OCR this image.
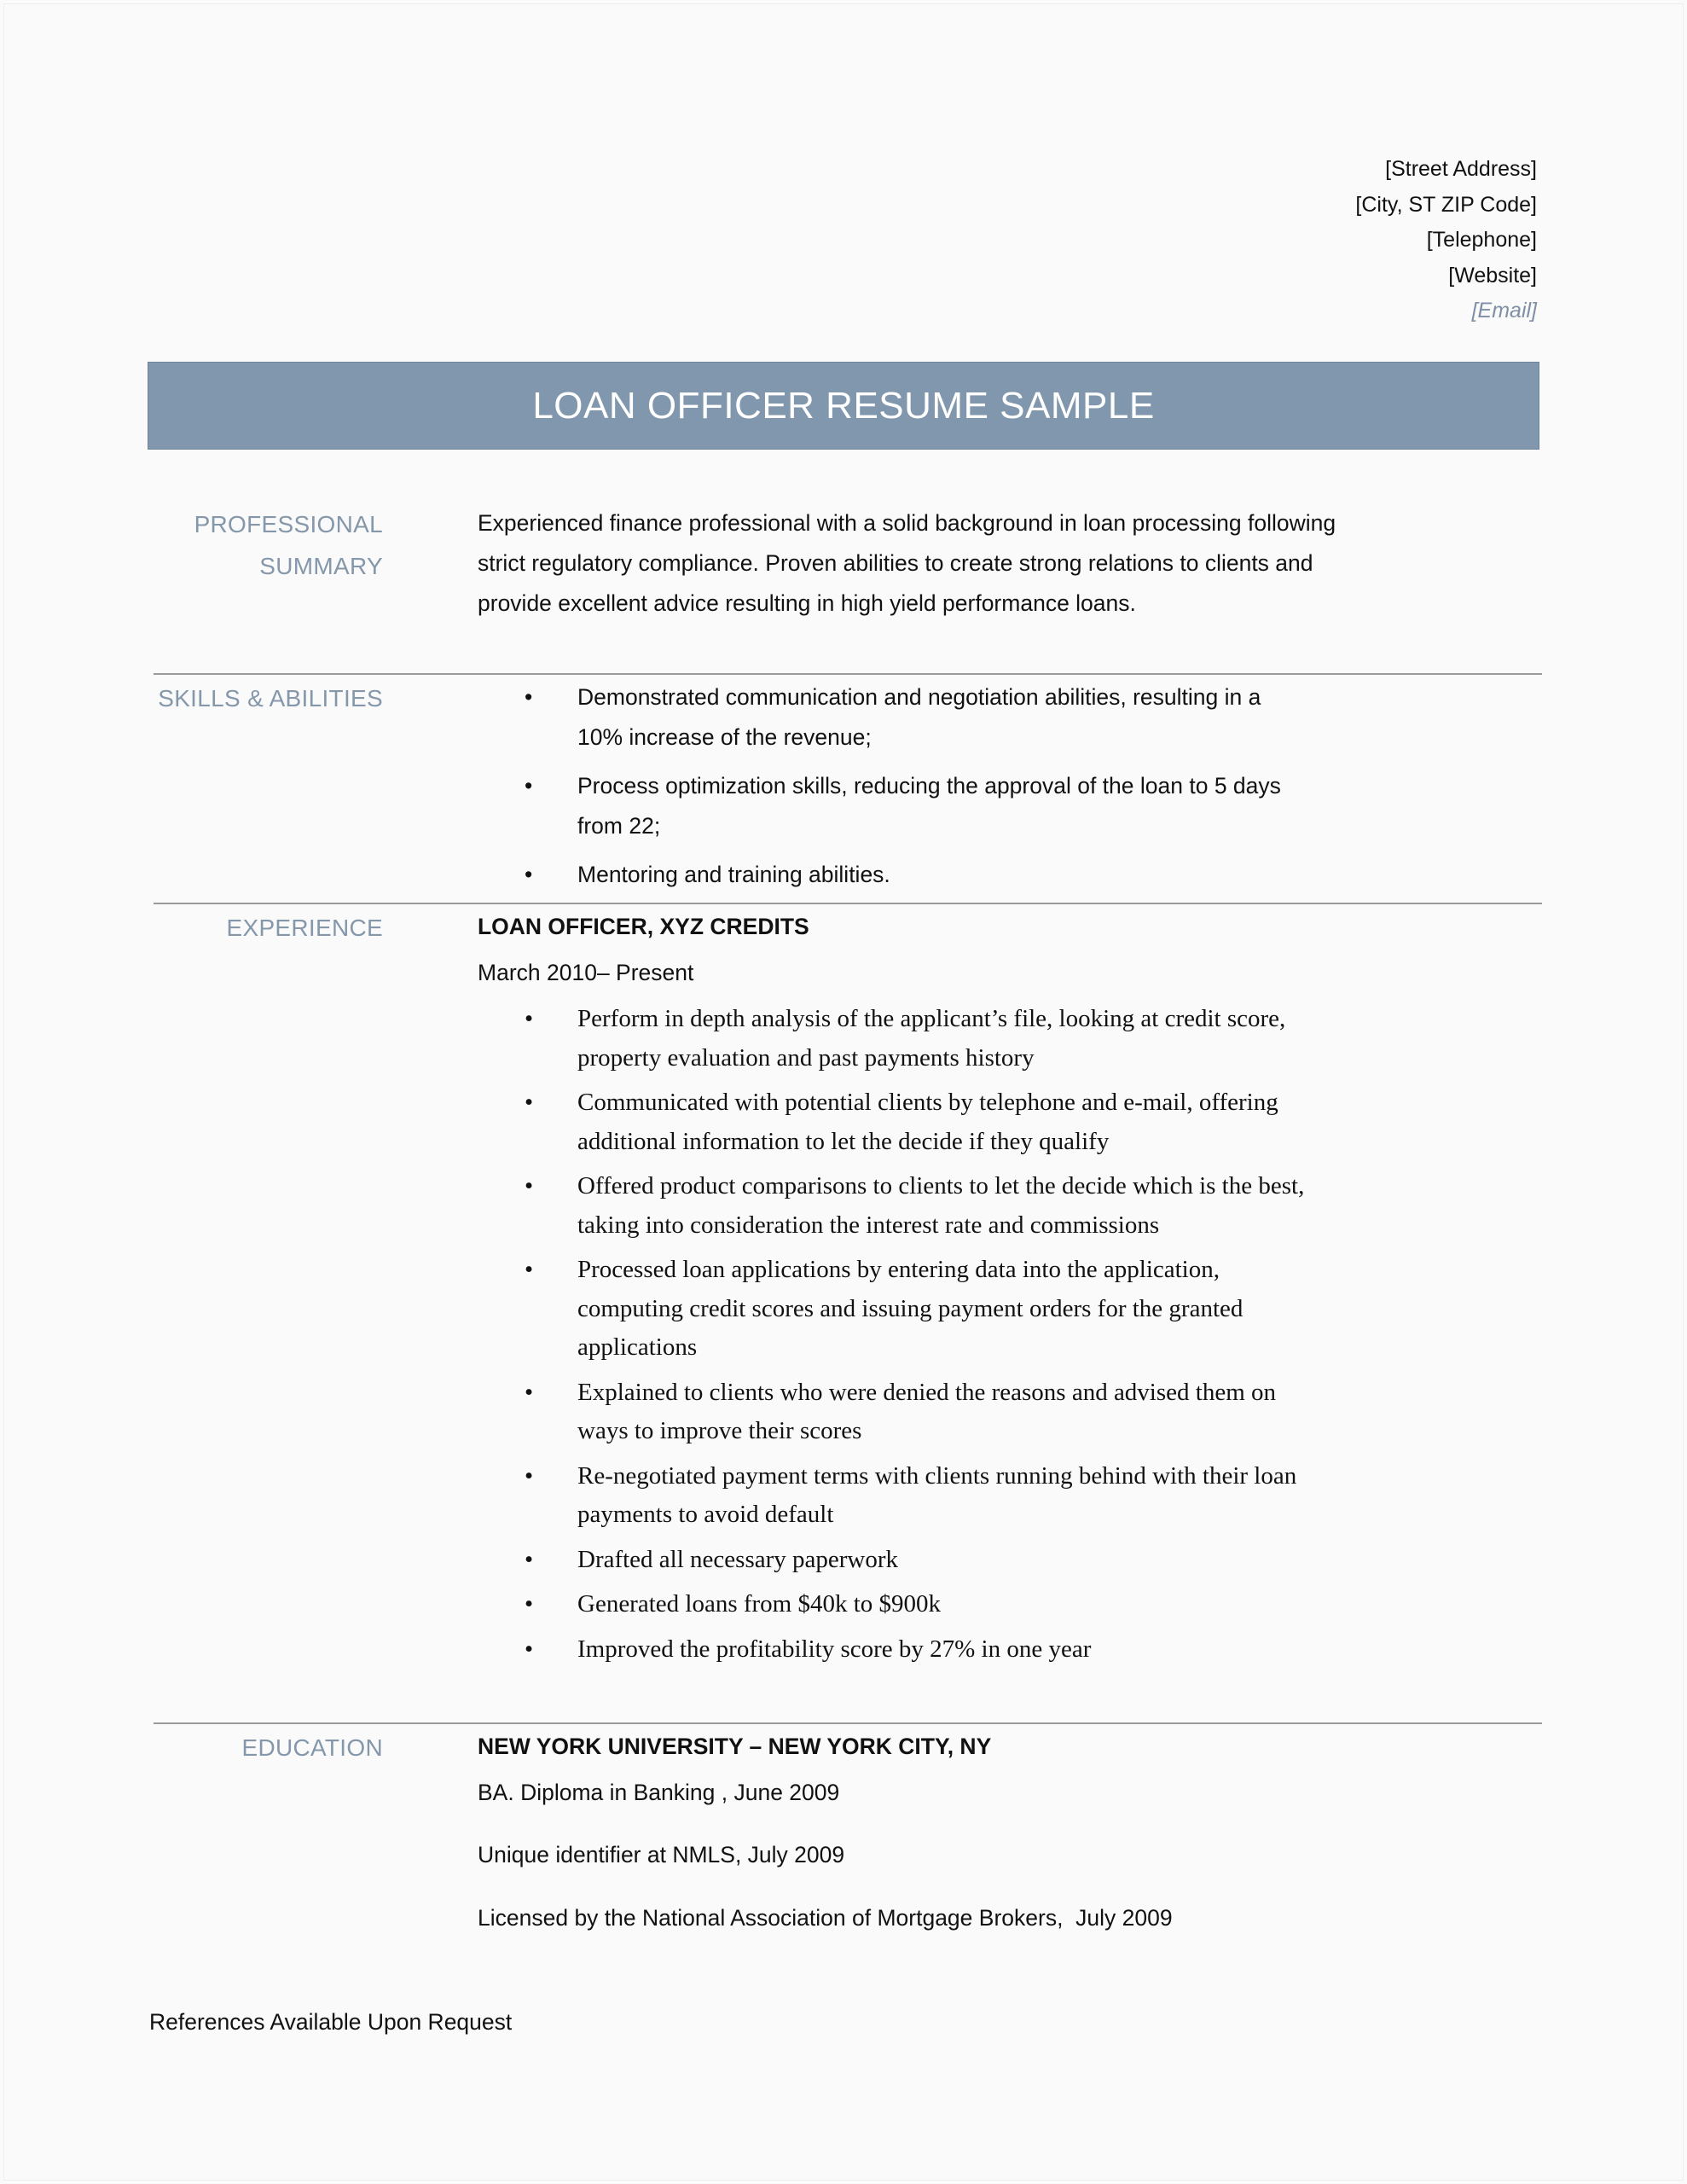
[Street Address]
[City, ST ZIP Code]
[Telephone]
[Website]
[Email]
LOAN OFFICER RESUME SAMPLE
PROFESSIONAL
SUMMARY
Experienced finance professional with a solid background in loan processing following strict regulatory compliance. Proven abilities to create strong relations to clients and provide excellent advice resulting in high yield performance loans.
SKILLS & ABILITIES	• Demonstrated communication and negotiation abilities, resulting in a 10% increase of the revenue;
• Process optimization skills, reducing the approval of the loan to 5 days from 22;
• Mentoring and training abilities.
EXPERIENCE	LOAN OFFICER, XYZ CREDITS
March 2010– Present
• Perform in depth analysis of the applicant’s file, looking at credit score, property evaluation and past payments history
• Communicated with potential clients by telephone and e-mail, offering additional information to let the decide if they qualify
• Offered product comparisons to clients to let the decide which is the best, taking into consideration the interest rate and commissions
• Processed loan applications by entering data into the application, computing credit scores and issuing payment orders for the granted applications
• Explained to clients who were denied the reasons and advised them on ways to improve their scores
• Re-negotiated payment terms with clients running behind with their loan payments to avoid default
• Drafted all necessary paperwork
• Generated loans from $40k to $900k
• Improved the profitability score by 27% in one year
EDUCATION	NEW YORK UNIVERSITY – NEW YORK CITY, NY
BA. Diploma in Banking , June 2009
Unique identifier at NMLS, July 2009
Licensed by the National Association of Mortgage Brokers,  July 2009
References Available Upon Request
